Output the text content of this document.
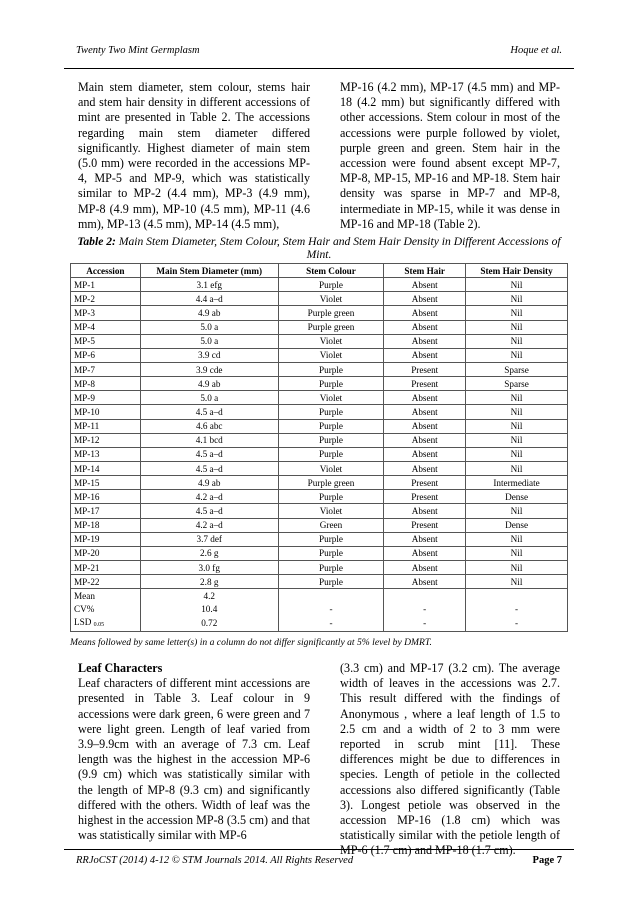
Twenty Two Mint Germplasm	Hoque et al.

Main stem diameter, stem colour, stems hair and stem hair density in different accessions of mint are presented in Table 2. The accessions regarding main stem diameter differed significantly. Highest diameter of main stem (5.0 mm) were recorded in the accessions MP-4, MP-5 and MP-9, which was statistically similar to MP-2 (4.4 mm), MP-3 (4.9 mm), MP-8 (4.9 mm), MP-10 (4.5 mm), MP-11 (4.6 mm), MP-13 (4.5 mm), MP-14 (4.5 mm),

MP-16 (4.2 mm), MP-17 (4.5 mm) and MP-18 (4.2 mm) but significantly differed with other accessions. Stem colour in most of the accessions were purple followed by violet, purple green and green. Stem hair in the accession were found absent except MP-7, MP-8, MP-15, MP-16 and MP-18. Stem hair density was sparse in MP-7 and MP-8, intermediate in MP-15, while it was dense in MP-16 and MP-18 (Table 2).

Table 2: Main Stem Diameter, Stem Colour, Stem Hair and Stem Hair Density in Different Accessions of Mint.
Accession	Main Stem Diameter (mm)	Stem Colour	Stem Hair	Stem Hair Density
MP-1	3.1 efg	Purple	Absent	Nil
MP-2	4.4 a–d	Violet	Absent	Nil
MP-3	4.9 ab	Purple green	Absent	Nil
MP-4	5.0 a	Purple green	Absent	Nil
MP-5	5.0 a	Violet	Absent	Nil
MP-6	3.9 cd	Violet	Absent	Nil
MP-7	3.9 cde	Purple	Present	Sparse
MP-8	4.9 ab	Purple	Present	Sparse
MP-9	5.0 a	Violet	Absent	Nil
MP-10	4.5 a–d	Purple	Absent	Nil
MP-11	4.6 abc	Purple	Absent	Nil
MP-12	4.1 bcd	Purple	Absent	Nil
MP-13	4.5 a–d	Purple	Absent	Nil
MP-14	4.5 a–d	Violet	Absent	Nil
MP-15	4.9 ab	Purple green	Present	Intermediate
MP-16	4.2 a–d	Purple	Present	Dense
MP-17	4.5 a–d	Violet	Absent	Nil
MP-18	4.2 a–d	Green	Present	Dense
MP-19	3.7 def	Purple	Absent	Nil
MP-20	2.6 g	Purple	Absent	Nil
MP-21	3.0 fg	Purple	Absent	Nil
MP-22	2.8 g	Purple	Absent	Nil
Mean	4.2			
CV%	10.4	-	-	-
LSD 0.05	0.72	-	-	-
Means followed by same letter(s) in a column do not differ significantly at 5% level by DMRT.

Leaf Characters

Leaf characters of different mint accessions are presented in Table 3. Leaf colour in 9 accessions were dark green, 6 were green and 7 were light green. Length of leaf varied from 3.9–9.9cm with an average of 7.3 cm. Leaf length was the highest in the accession MP-6 (9.9 cm) which was statistically similar with the length of MP-8 (9.3 cm) and significantly differed with the others. Width of leaf was the highest in the accession MP-8 (3.5 cm) and that was statistically similar with MP-6

(3.3 cm) and MP-17 (3.2 cm). The average width of leaves in the accessions was 2.7. This result differed with the findings of Anonymous , where a leaf length of 1.5 to 2.5 cm and a width of 2 to 3 mm were reported in scrub mint [11]. These differences might be due to differences in species. Length of petiole in the collected accessions also differed significantly (Table 3). Longest petiole was observed in the accession MP-16 (1.8 cm) which was statistically similar with the petiole length of MP-6 (1.7 cm) and MP-18 (1.7 cm).

RRJoCST (2014) 4-12 © STM Journals 2014. All Rights Reserved	Page 7
